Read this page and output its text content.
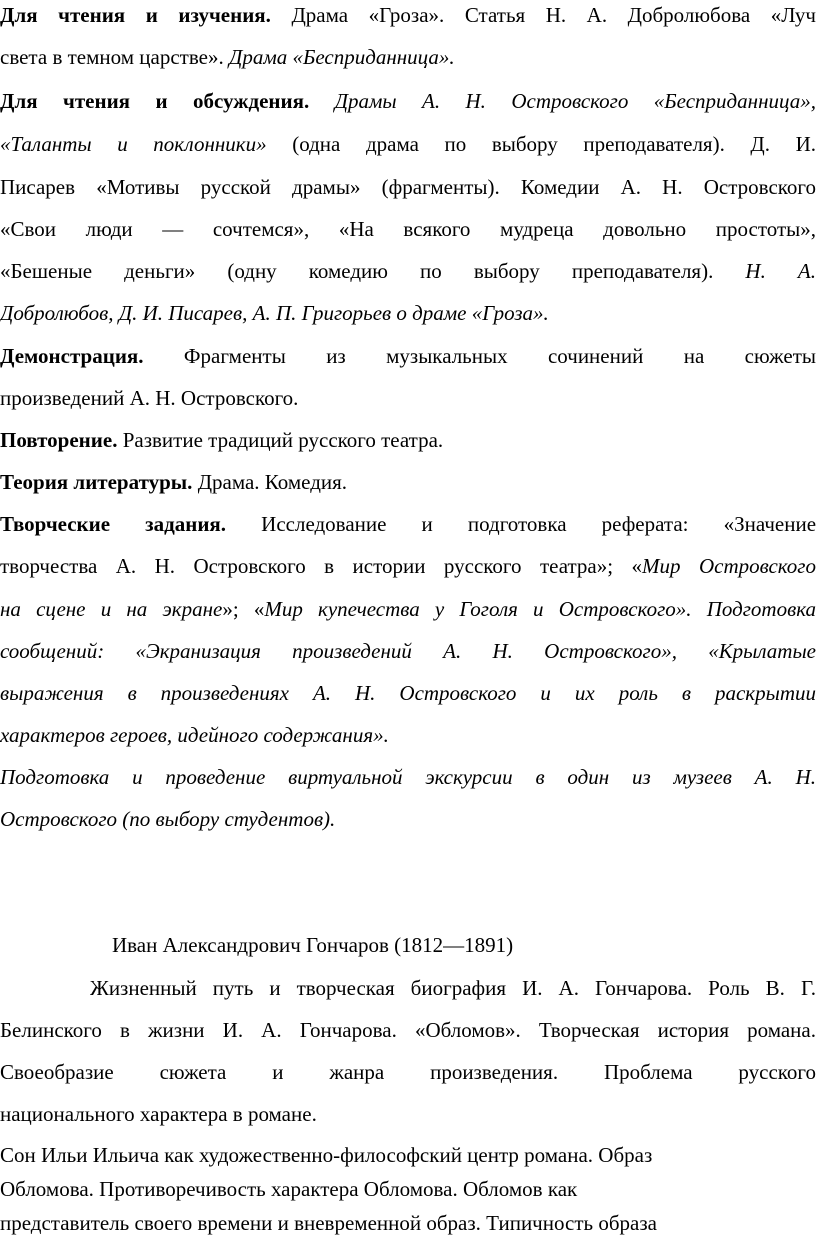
Для чтения и изучения. Драма «Гроза». Статья Н. А. Добролюбова «Луч
света в темном царстве». Драма «Бесприданница».
Для чтения и обсуждения. Драмы А. Н. Островского «Бесприданница»,
«Таланты и поклонники» (одна драма по выбору преподавателя). Д. И.
Писарев «Мотивы русской драмы» (фрагменты). Комедии А. Н. Островского
«Свои люди — сочтемся», «На всякого мудреца довольно простоты»,
«Бешеные деньги» (одну комедию по выбору преподавателя). Н. А.
Добролюбов, Д. И. Писарев, А. П. Григорьев о драме «Гроза».
Демонстрация. Фрагменты из музыкальных сочинений на сюжеты
произведений А. Н. Островского.
Повторение. Развитие традиций русского театра.
Теория литературы. Драма. Комедия.
Творческие задания. Исследование и подготовка реферата: «Значение
творчества А. Н. Островского в истории русского театра»; «Мир Островского
на сцене и на экране»; «Мир купечества у Гоголя и Островского». Подготовка
сообщений: «Экранизация произведений А. Н. Островского», «Крылатые
выражения в произведениях А. Н. Островского и их роль в раскрытии
характеров героев, идейного содержания».
Подготовка и проведение виртуальной экскурсии в один из музеев А. Н.
Островского (по выбору студентов).
Иван Александрович Гончаров (1812—1891)
Жизненный путь и творческая биография И. А. Гончарова. Роль В. Г.
Белинского в жизни И. А. Гончарова. «Обломов». Творческая история романа.
Своеобразие сюжета и жанра произведения. Проблема русского
национального характера в романе.
Сон Ильи Ильича как художественно-философский центр романа. Образ
Обломова. Противоречивость характера Обломова. Обломов как
представитель своего времени и вневременной образ. Типичность образа
